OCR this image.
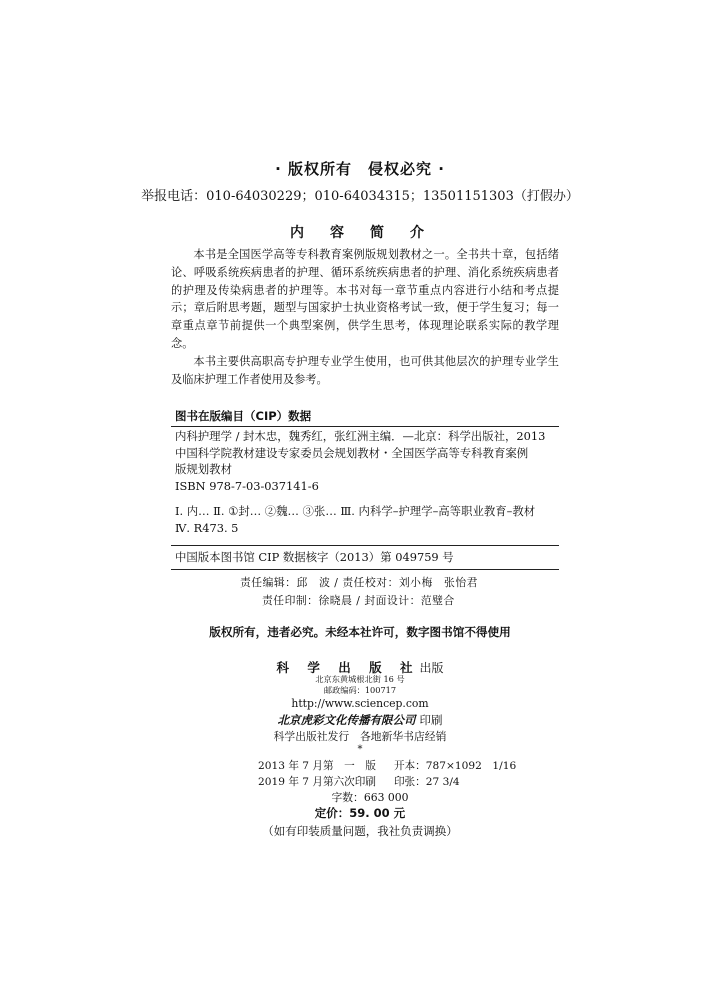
· 版权所有　侵权必究 ·
举报电话：010-64030229；010-64034315；13501151303（打假办）
内　容　简　介

本书是全国医学高等专科教育案例版规划教材之一。全书共十章，包括绪论、呼吸系统疾病患者的护理、循环系统疾病患者的护理、消化系统疾病患者的护理及传染病患者的护理等。本书对每一章节重点内容进行小结和考点提示；章后附思考题，题型与国家护士执业资格考试一致，便于学生复习；每一章重点章节前提供一个典型案例，供学生思考，体现理论联系实际的教学理念。

本书主要供高职高专护理专业学生使用，也可供其他层次的护理专业学生及临床护理工作者使用及参考。

图书在版编目（CIP）数据
内科护理学 / 封木忠，魏秀红，张红洲主编．—北京：科学出版社，2013
中国科学院教材建设专家委员会规划教材・全国医学高等专科教育案例
版规划教材
ISBN 978-7-03-037141-6
Ⅰ. 内… Ⅱ. ①封… ②魏… ③张… Ⅲ. 内科学–护理学–高等职业教育–教材
Ⅳ. R473. 5
中国版本图书馆 CIP 数据核字（2013）第 049759 号
责任编辑：邱　波 / 责任校对：刘小梅　张怡君
责任印制：徐晓晨 / 封面设计：范璧合
版权所有，违者必究。未经本社许可，数字图书馆不得使用
科 学 出 版 社出版
北京东黄城根北街 16 号
邮政编码：100717
http://www.sciencep.com
北京虎彩文化传播有限公司 印刷
科学出版社发行　各地新华书店经销
*
2013 年 7 月第　一　版 开本：787×1092　1/16
2019 年 7 月第六次印刷 印张：27 3/4
字数：663 000
定价：59. 00 元
（如有印装质量问题，我社负责调换）
